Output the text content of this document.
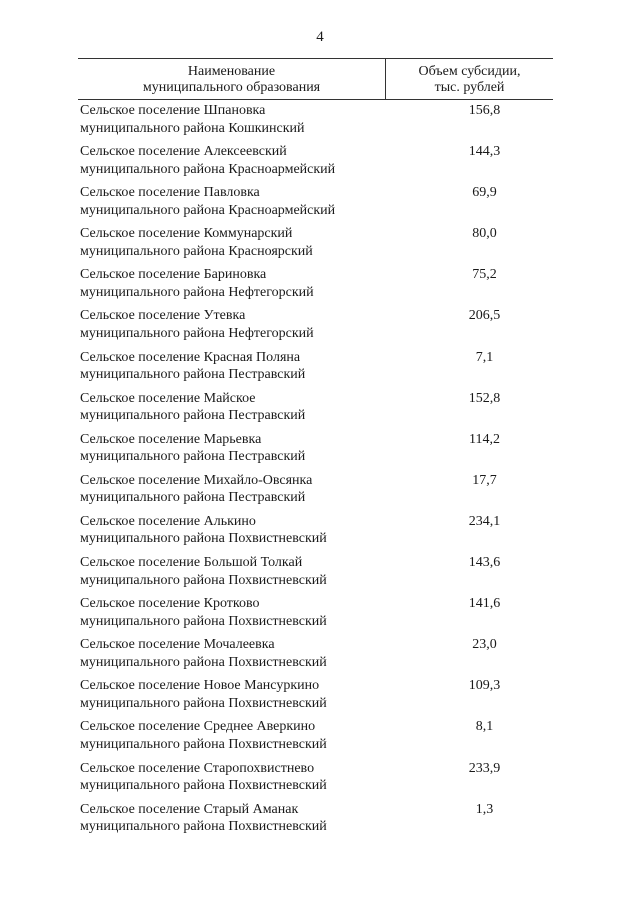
4
Наименование
муниципального образования
Объем субсидии,
тыс. рублей
Сельское поселение Шпановка
муниципального района Кошкинский
156,8
Сельское поселение Алексеевский
муниципального района Красноармейский
144,3
Сельское поселение Павловка
муниципального района Красноармейский
69,9
Сельское поселение Коммунарский
муниципального района Красноярский
80,0
Сельское поселение Бариновка
муниципального района Нефтегорский
75,2
Сельское поселение Утевка
муниципального района Нефтегорский
206,5
Сельское поселение Красная Поляна
муниципального района Пестравский
7,1
Сельское поселение Майское
муниципального района Пестравский
152,8
Сельское поселение Марьевка
муниципального района Пестравский
114,2
Сельское поселение Михайло-Овсянка
муниципального района Пестравский
17,7
Сельское поселение Алькино
муниципального района Похвистневский
234,1
Сельское поселение Большой Толкай
муниципального района Похвистневский
143,6
Сельское поселение Кротково
муниципального района Похвистневский
141,6
Сельское поселение Мочалеевка
муниципального района Похвистневский
23,0
Сельское поселение Новое Мансуркино
муниципального района Похвистневский
109,3
Сельское поселение Среднее Аверкино
муниципального района Похвистневский
8,1
Сельское поселение Старопохвистнево
муниципального района Похвистневский
233,9
Сельское поселение Старый Аманак
муниципального района Похвистневский
1,3
